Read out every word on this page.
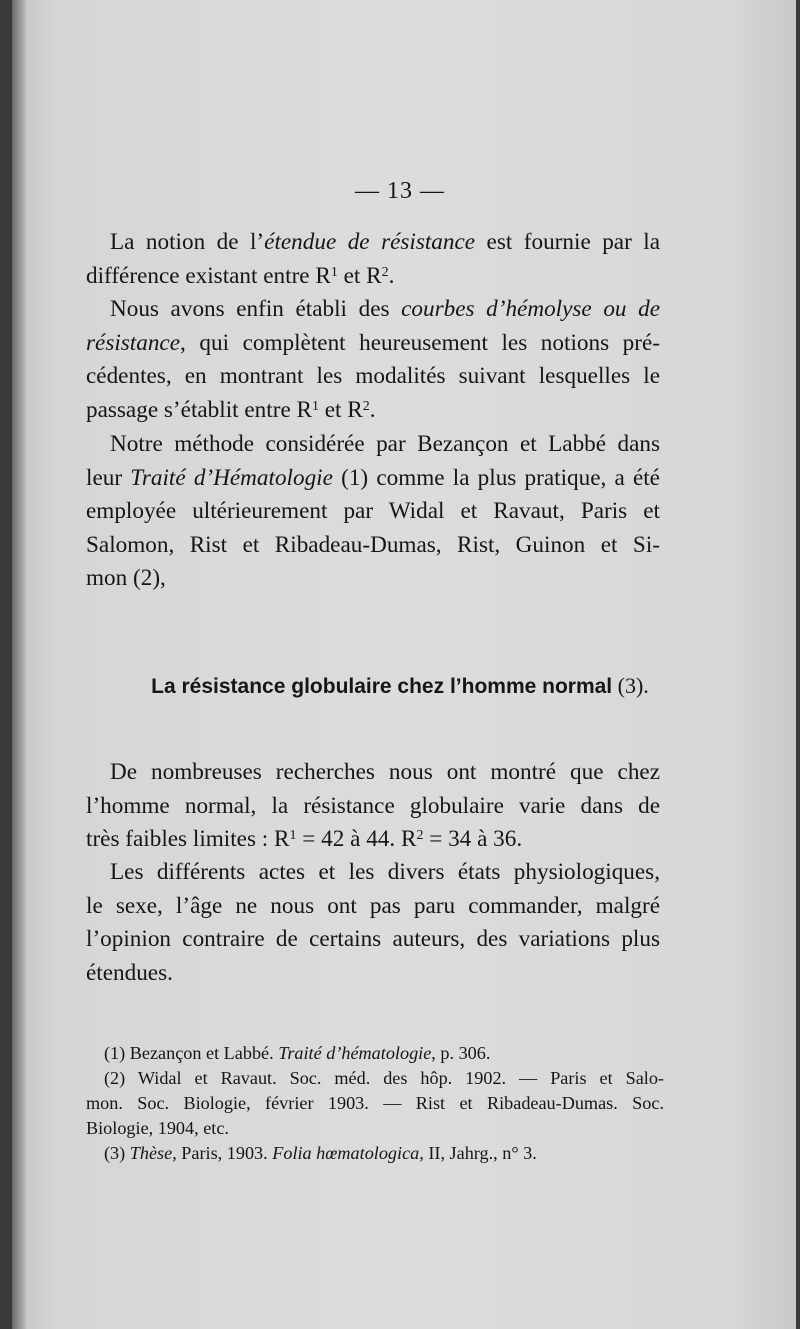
— 13 —
La notion de l’étendue de résistance est fournie par la
différence existant entre $R^1$ et $R^2$.
Nous avons enfin établi des courbes d’hémolyse ou de
résistance, qui complètent heureusement les notions pré-
cédentes, en montrant les modalités suivant lesquelles le
passage s’établit entre $R^1$ et $R^2$.
Notre méthode considérée par Bezançon et Labbé dans
leur Traité d’Hématologie (1) comme la plus pratique, a été
employée ultérieurement par Widal et Ravaut, Paris et
Salomon, Rist et Ribadeau-Dumas, Rist, Guinon et Si-
mon (2),
La résistance globulaire chez l’homme normal (3).
De nombreuses recherches nous ont montré que chez
l’homme normal, la résistance globulaire varie dans de
très faibles limites : $R^1 = 42$ à 44. $R^2 = 34$ à 36.
Les différents actes et les divers états physiologiques,
le sexe, l’âge ne nous ont pas paru commander, malgré
l’opinion contraire de certains auteurs, des variations plus
étendues.
(1) Bezançon et Labbé. Traité d’hématologie, p. 306.
(2) Widal et Ravaut. Soc. méd. des hôp. 1902. — Paris et Salo-
mon. Soc. Biologie, février 1903. — Rist et Ribadeau-Dumas. Soc.
Biologie, 1904, etc.
(3) Thèse, Paris, 1903. Folia hœmatologica, II, Jahrg., n° 3.
